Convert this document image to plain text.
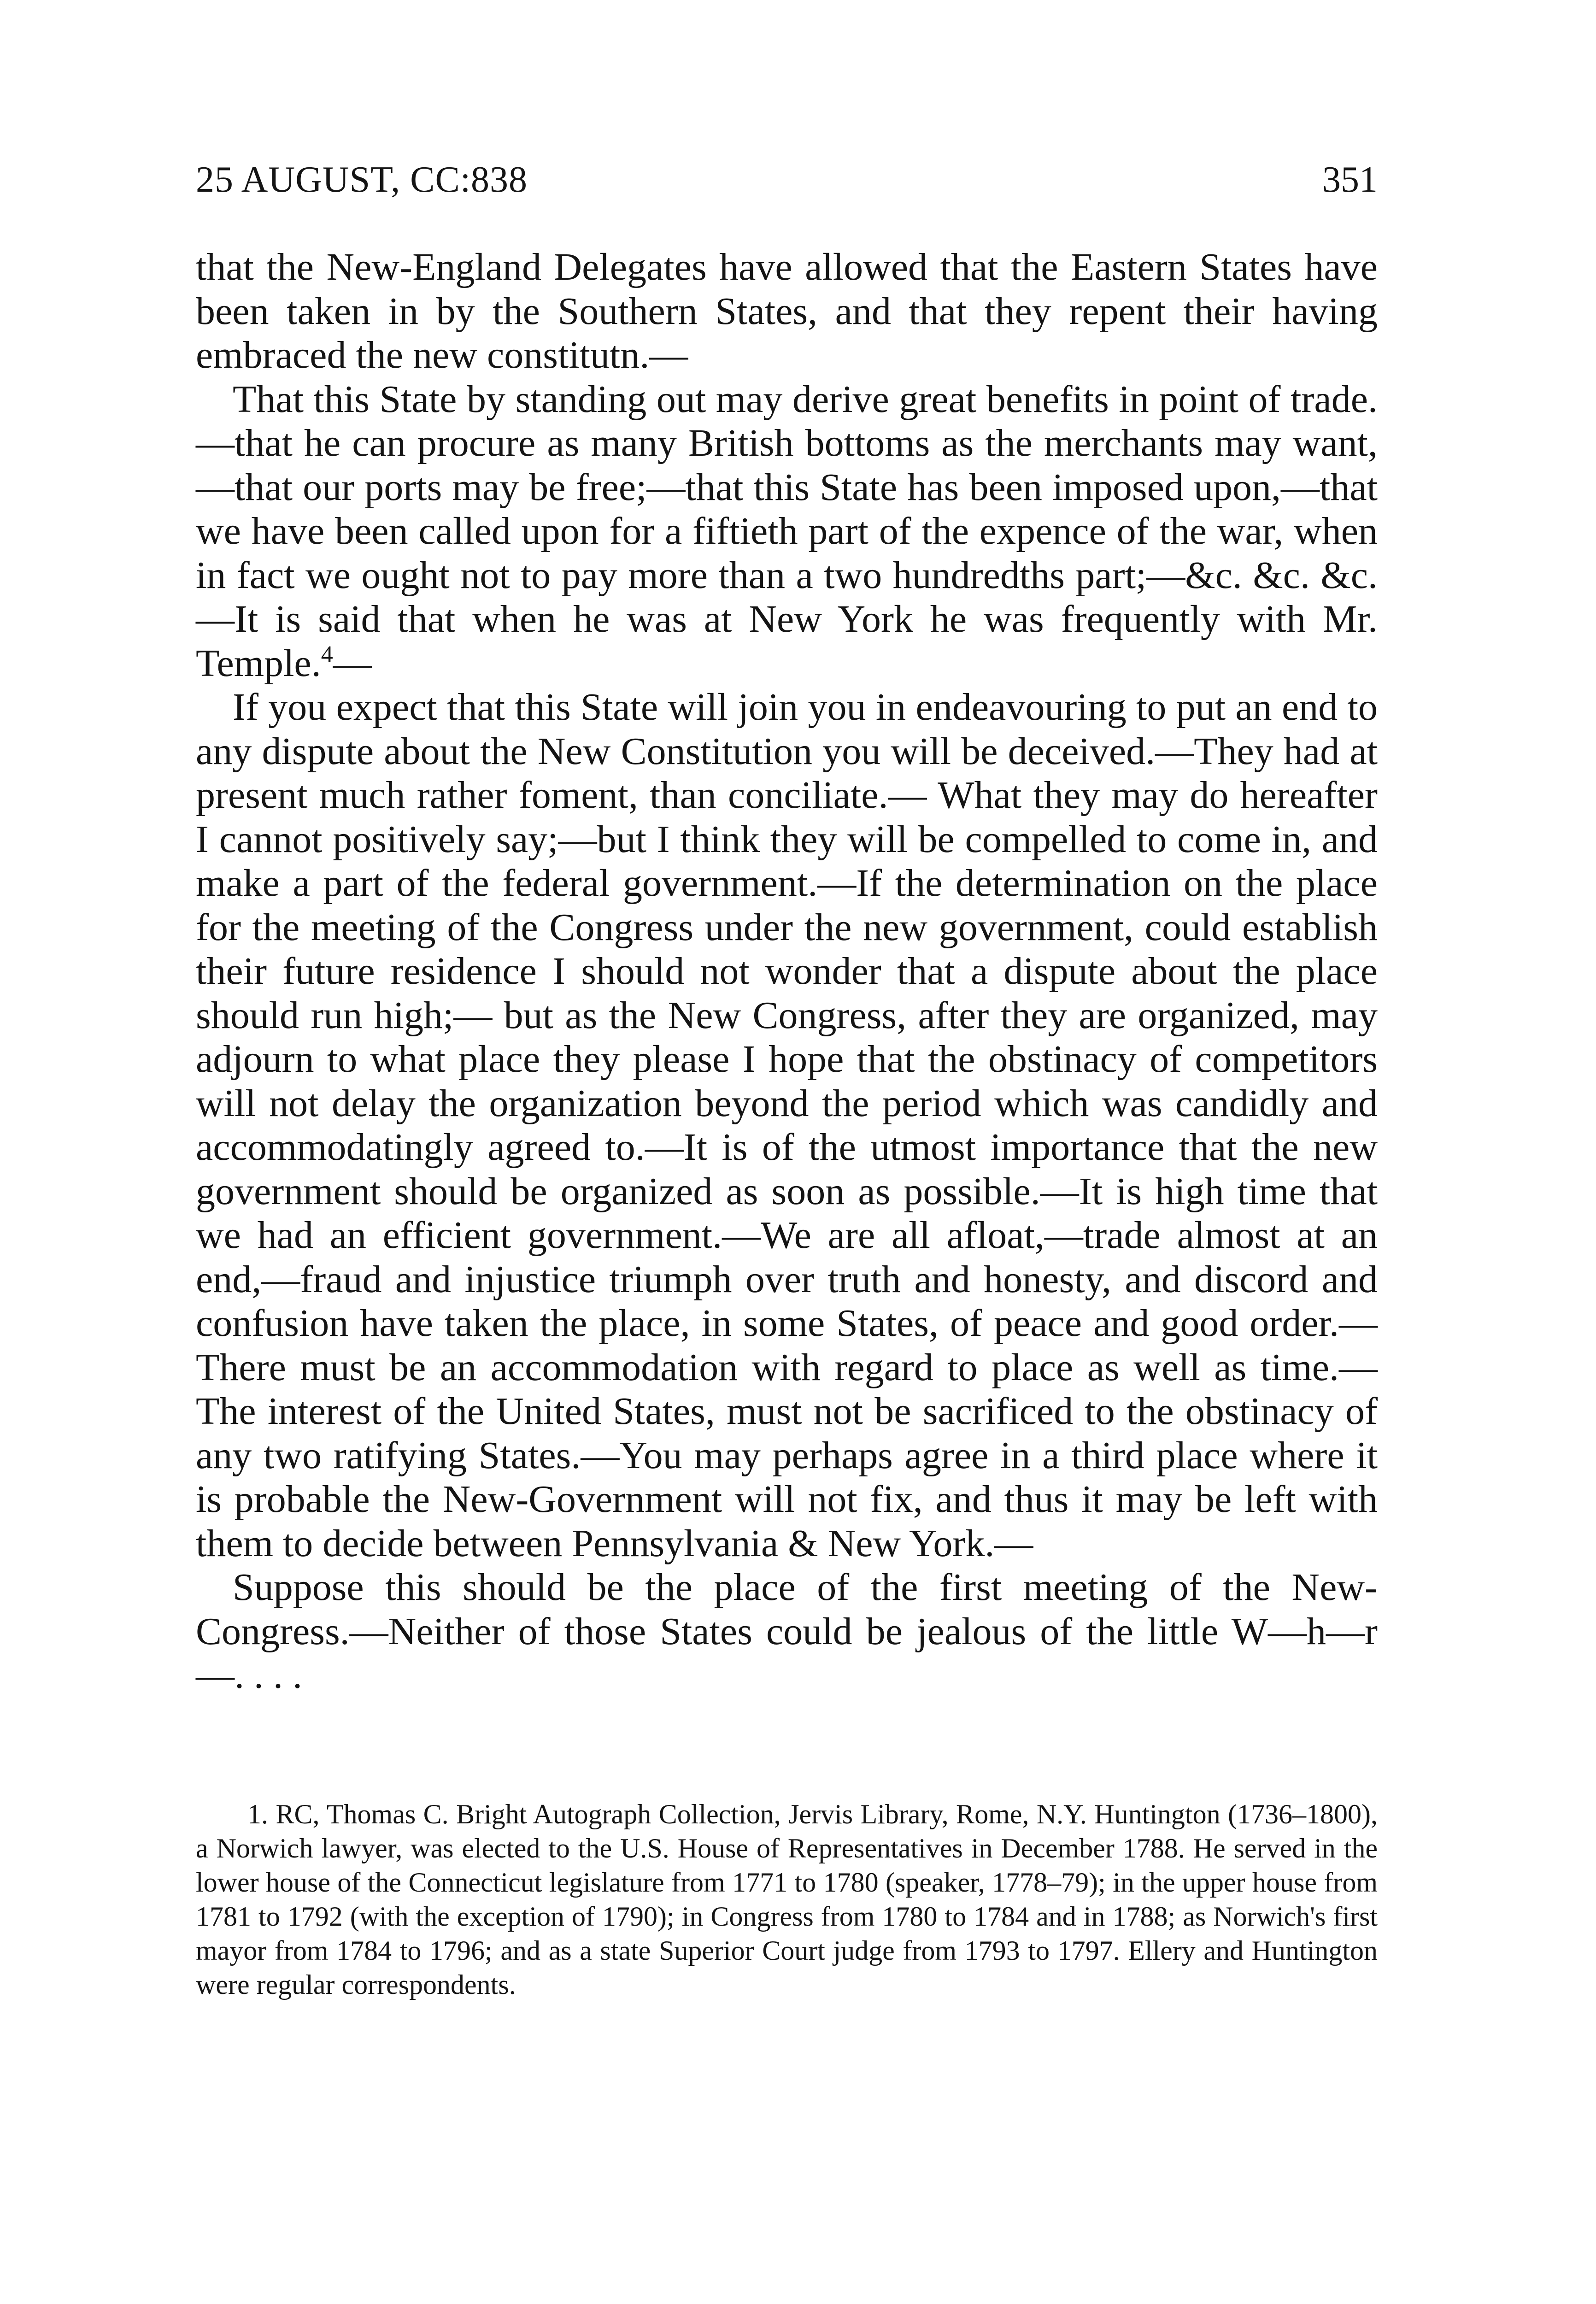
25 AUGUST, CC:838	351

that the New-England Delegates have allowed that the Eastern States have been taken in by the Southern States, and that they repent their having embraced the new constitutn.—

That this State by standing out may derive great benefits in point of trade.—that he can procure as many British bottoms as the merchants may want,—that our ports may be free;—that this State has been imposed upon,—that we have been called upon for a fiftieth part of the expence of the war, when in fact we ought not to pay more than a two hundredths part;—&c. &c. &c.—It is said that when he was at New York he was frequently with Mr. Temple.$^4$—

If you expect that this State will join you in endeavouring to put an end to any dispute about the New Constitution you will be deceived.—They had at present much rather foment, than conciliate.— What they may do hereafter I cannot positively say;—but I think they will be compelled to come in, and make a part of the federal government.—If the determination on the place for the meeting of the Congress under the new government, could establish their future residence I should not wonder that a dispute about the place should run high;— but as the New Congress, after they are organized, may adjourn to what place they please I hope that the obstinacy of competitors will not delay the organization beyond the period which was candidly and accommodatingly agreed to.—It is of the utmost importance that the new government should be organized as soon as possible.—It is high time that we had an efficient government.—We are all afloat,—trade almost at an end,—fraud and injustice triumph over truth and honesty, and discord and confusion have taken the place, in some States, of peace and good order.—There must be an accommodation with regard to place as well as time.—The interest of the United States, must not be sacrificed to the obstinacy of any two ratifying States.—You may perhaps agree in a third place where it is probable the New-Government will not fix, and thus it may be left with them to decide between Pennsylvania & New York.—

Suppose this should be the place of the first meeting of the New-Congress.—Neither of those States could be jealous of the little W—h—r—. . . .

1. RC, Thomas C. Bright Autograph Collection, Jervis Library, Rome, N.Y. Huntington (1736–1800), a Norwich lawyer, was elected to the U.S. House of Representatives in December 1788. He served in the lower house of the Connecticut legislature from 1771 to 1780 (speaker, 1778–79); in the upper house from 1781 to 1792 (with the exception of 1790); in Congress from 1780 to 1784 and in 1788; as Norwich's first mayor from 1784 to 1796; and as a state Superior Court judge from 1793 to 1797. Ellery and Huntington were regular correspondents.
